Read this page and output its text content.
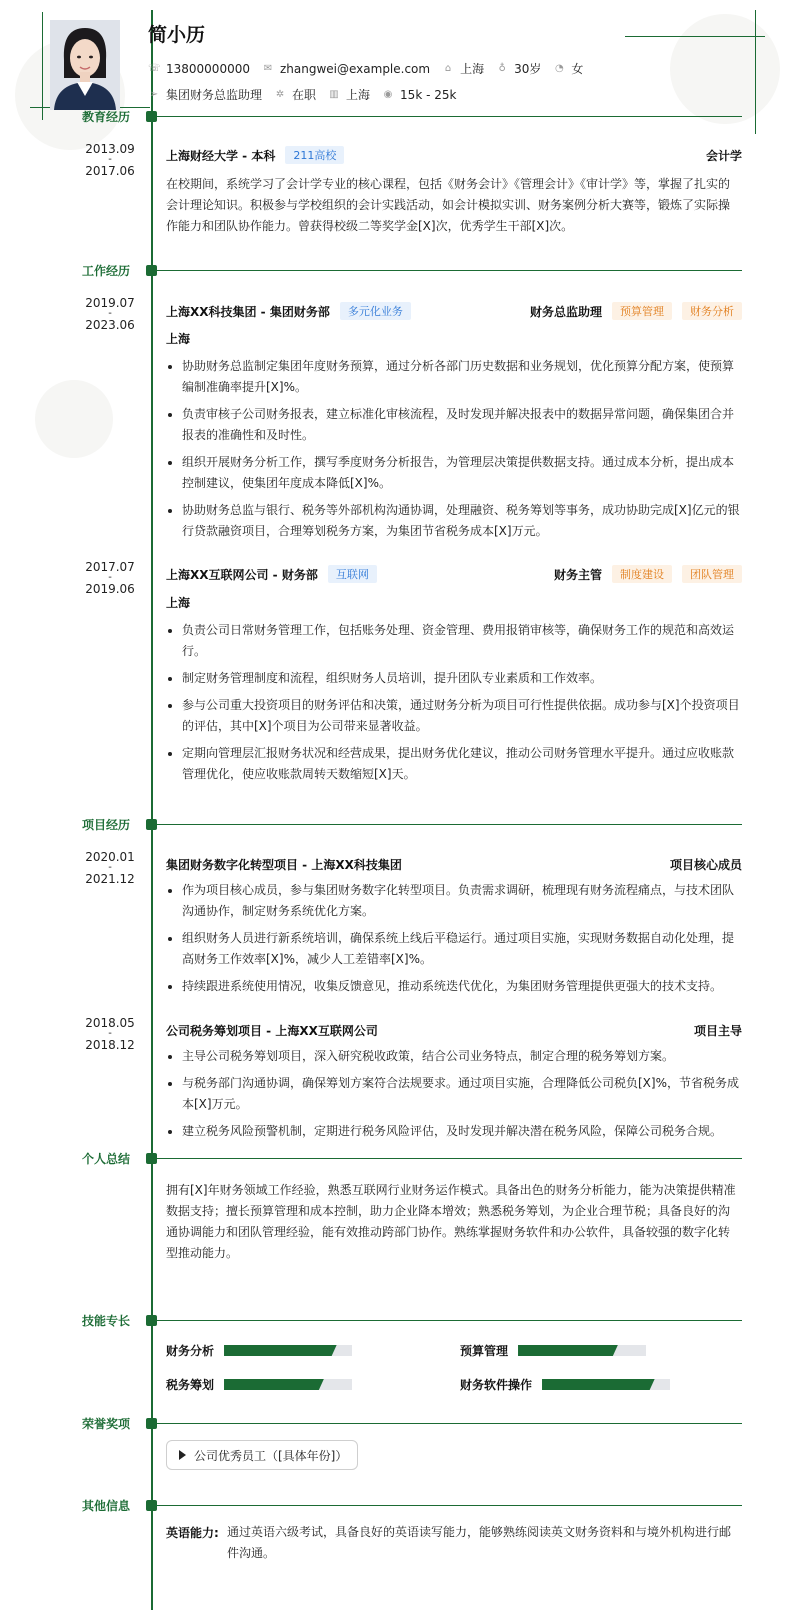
简小历
☏ 13800000000 ✉ zhangwei@example.com ⌂ 上海 ♁ 30岁 ◔ 女
➢ 集团财务总监助理 ✲ 在职 ▥ 上海 ◉ 15k - 25k
教育经历
2013.09
-
2017.06
上海财经大学 - 本科	211高校	会计学
在校期间，系统学习了会计学专业的核心课程，包括《财务会计》《管理会计》《审计学》等，掌握了扎实的会计理论知识。积极参与学校组织的会计实践活动，如会计模拟实训、财务案例分析大赛等，锻炼了实际操作能力和团队协作能力。曾获得校级二等奖学金[X]次，优秀学生干部[X]次。
工作经历
2019.07
-
2023.06
上海XX科技集团 - 集团财务部	多元化业务	财务总监助理	预算管理	财务分析
上海
协助财务总监制定集团年度财务预算，通过分析各部门历史数据和业务规划，优化预算分配方案，使预算编制准确率提升[X]%。
负责审核子公司财务报表，建立标准化审核流程，及时发现并解决报表中的数据异常问题，确保集团合并报表的准确性和及时性。
组织开展财务分析工作，撰写季度财务分析报告，为管理层决策提供数据支持。通过成本分析，提出成本控制建议，使集团年度成本降低[X]%。
协助财务总监与银行、税务等外部机构沟通协调，处理融资、税务筹划等事务，成功协助完成[X]亿元的银行贷款融资项目，合理筹划税务方案，为集团节省税务成本[X]万元。
2017.07
-
2019.06
上海XX互联网公司 - 财务部	互联网	财务主管	制度建设	团队管理
上海
负责公司日常财务管理工作，包括账务处理、资金管理、费用报销审核等，确保财务工作的规范和高效运行。
制定财务管理制度和流程，组织财务人员培训，提升团队专业素质和工作效率。
参与公司重大投资项目的财务评估和决策，通过财务分析为项目可行性提供依据。成功参与[X]个投资项目的评估，其中[X]个项目为公司带来显著收益。
定期向管理层汇报财务状况和经营成果，提出财务优化建议，推动公司财务管理水平提升。通过应收账款管理优化，使应收账款周转天数缩短[X]天。
项目经历
2020.01
-
2021.12
集团财务数字化转型项目 - 上海XX科技集团	项目核心成员
作为项目核心成员，参与集团财务数字化转型项目。负责需求调研，梳理现有财务流程痛点，与技术团队沟通协作，制定财务系统优化方案。
组织财务人员进行新系统培训，确保系统上线后平稳运行。通过项目实施，实现财务数据自动化处理，提高财务工作效率[X]%，减少人工差错率[X]%。
持续跟进系统使用情况，收集反馈意见，推动系统迭代优化，为集团财务管理提供更强大的技术支持。
2018.05
-
2018.12
公司税务筹划项目 - 上海XX互联网公司	项目主导
主导公司税务筹划项目，深入研究税收政策，结合公司业务特点，制定合理的税务筹划方案。
与税务部门沟通协调，确保筹划方案符合法规要求。通过项目实施，合理降低公司税负[X]%，节省税务成本[X]万元。
建立税务风险预警机制，定期进行税务风险评估，及时发现并解决潜在税务风险，保障公司税务合规。
个人总结
拥有[X]年财务领域工作经验，熟悉互联网行业财务运作模式。具备出色的财务分析能力，能为决策提供精准数据支持；擅长预算管理和成本控制，助力企业降本增效；熟悉税务筹划，为企业合理节税；具备良好的沟通协调能力和团队管理经验，能有效推动跨部门协作。熟练掌握财务软件和办公软件，具备较强的数字化转型推动能力。
技能专长
财务分析	预算管理
税务筹划	财务软件操作
荣誉奖项
公司优秀员工（[具体年份]）
其他信息
英语能力: 通过英语六级考试，具备良好的英语读写能力，能够熟练阅读英文财务资料和与境外机构进行邮件沟通。
